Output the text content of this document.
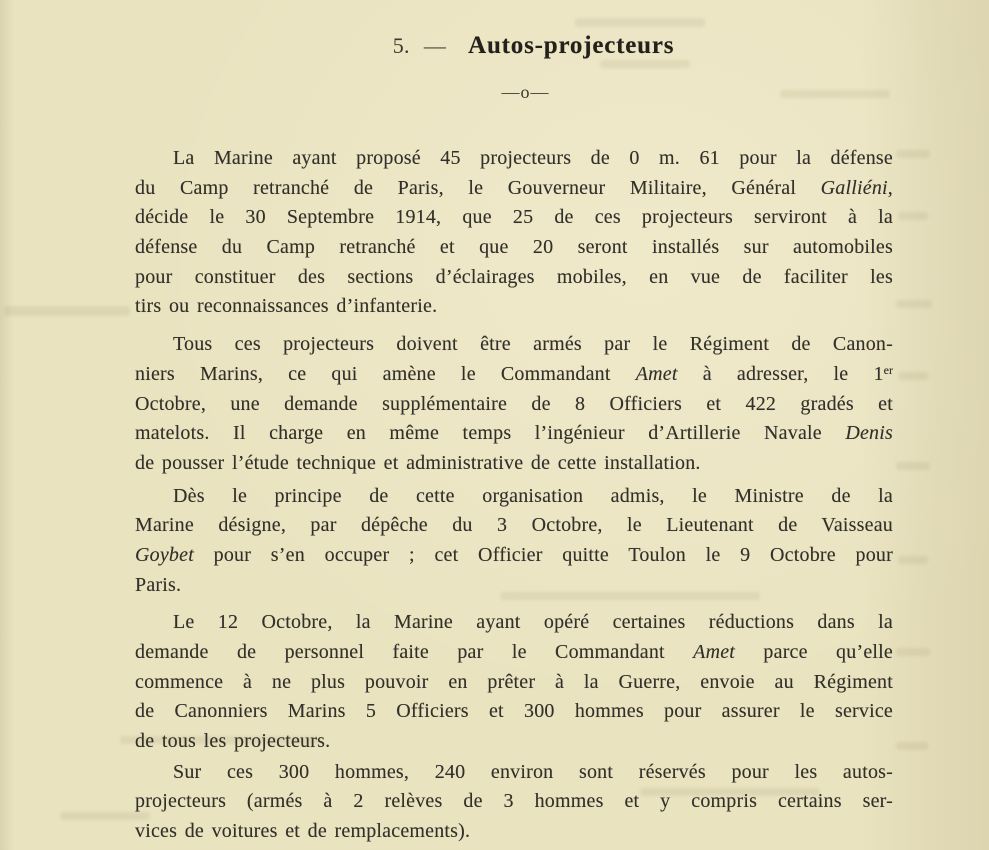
5. — Autos-projecteurs
—o—

La Marine ayant proposé 45 projecteurs de 0 m. 61 pour la défense
du Camp retranché de Paris, le Gouverneur Militaire, Général Galliéni,
décide le 30 Septembre 1914, que 25 de ces projecteurs serviront à la
défense du Camp retranché et que 20 seront installés sur automobiles
pour constituer des sections d’éclairages mobiles, en vue de faciliter les
tirs ou reconnaissances d’infanterie.

Tous ces projecteurs doivent être armés par le Régiment de Canon-
niers Marins, ce qui amène le Commandant Amet à adresser, le 1er
Octobre, une demande supplémentaire de 8 Officiers et 422 gradés et
matelots. Il charge en même temps l’ingénieur d’Artillerie Navale Denis
de pousser l’étude technique et administrative de cette installation.

Dès le principe de cette organisation admis, le Ministre de la
Marine désigne, par dépêche du 3 Octobre, le Lieutenant de Vaisseau
Goybet pour s’en occuper ; cet Officier quitte Toulon le 9 Octobre pour
Paris.

Le 12 Octobre, la Marine ayant opéré certaines réductions dans la
demande de personnel faite par le Commandant Amet parce qu’elle
commence à ne plus pouvoir en prêter à la Guerre, envoie au Régiment
de Canonniers Marins 5 Officiers et 300 hommes pour assurer le service
de tous les projecteurs.

Sur ces 300 hommes, 240 environ sont réservés pour les autos-
projecteurs (armés à 2 relèves de 3 hommes et y compris certains ser-
vices de voitures et de remplacements).
